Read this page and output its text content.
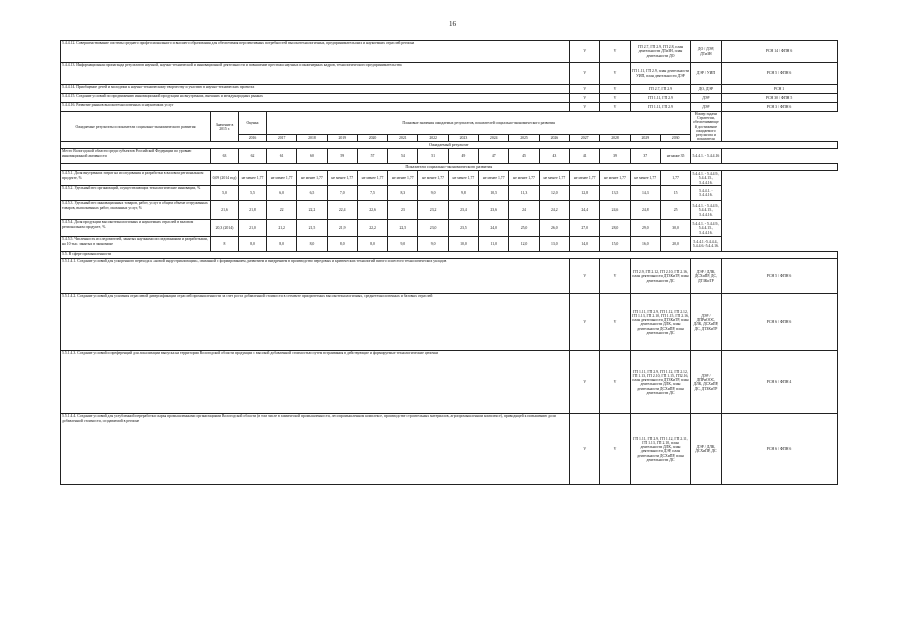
16
5.4.4.12. Совершенствование системы среднего профессионального и высшего образования для обеспечения перспективных потребностей высокотехнологичных, предпринимательских и наукоемких отраслей региона													V	V	ГП 2.7, ГП 2.9, ГП 2.8, план деятельности ДТиЗН, план деятельности ДО		ДО / ДЭР, ДТиЗН	РСН 14 / ФПН 6
5.4.4.13. Информационная пропаганда результатов научной, научно-технической и инновационной деятельности и повышение престижа научных и инженерных кадров, технологического предпринимательства													V	V	ГП 1.11, ГП 2.9, план деятельности УИП, план деятельности ДЭР		ДЭР / УИП	РСН 5 / ФПН 6
5.4.4.14. Приобщение детей и молодежи к научно-техническому творчеству и участию в научно-технических проектах													V	V	ГП 2.7, ГП 2.9		ДО, ДЭР	РСН 1
5.4.4.15. Создание условий по продвижению инновационной продукции на внутренних, внешних и международных рынках													V	V	ГП 1.11, ГП 2.9		ДЭР	РСН 30 / ФПН 5
5.4.4.16. Развитие рынков высокотехнологичных и наукоемких услуг													V	V	ГП 1.11, ГП 2.9		ДЭР	РСН 3 / ФПН 6
Ожидаемые результаты и показатели социально-экономического развития	Значение в 2015 г.	Оценка	Плановые значения ожидаемых результатов, показателей социально-экономического развития														Номер задачи Стратегии, обеспечивающей достижение ожидаемого результата и показателя	
		2016	2017	2018	2019	2020	2021	2022	2023	2024	2025	2026	2027	2028	2029	2030		
Ожидаемый результат																		
Место Вологодской области среди субъектов Российской Федерации по уровню инновационной активности	63	62	61	60	59	57	54	51	49	47	45	43	41	39	37	не ниже 35	5.4.4.1. - 5.4.4.16	
Показатели социально-экономического развития																		
5.4.5.1. Доля внутренних затрат на исследования и разработки в валовом региональном продукте, %	0,09 (2014 год)	не менее 1,77	не менее 1,77	не менее 1,77	не менее 1,77	не менее 1,77	не менее 1,77	не менее 1,77	не менее 1,77	не менее 1,77	не менее 1,77	не менее 1,77	не менее 1,77	не менее 1,77	не менее 1,77	1,77	5.4.4.1. - 5.4.4.9., 5.4.4.15., 5.4.4.16.	
5.4.5.2. Удельный вес организаций, осуществляющих технологические инновации, %	5,0	5,5	6,0	6,5	7,0	7,5	8,3	9,0	9,8	10,5	11,3	12,0	12,8	13,5	14,3	15	5.4.4.1. - 5.4.4.16.	
5.4.5.3. Удельный вес инновационных товаров, работ, услуг в общем объеме отгруженных товаров, выполненных работ, оказанных услуг, %	21,6	21,8	22	22,2	22,4	22,6	23	23,2	23,4	23,6	24	24,2	24,4	24,6	24,8	25	5.4.4.1. - 5.4.4.9., 5.4.4.15., 5.4.4.16.	
5.4.5.4. Доля продукции высокотехнологичных и наукоемких отраслей в валовом региональном продукте, %	20,3 (2014)	21,0	21,2	21,5	21,9	22,2	22,5	23,0	23,5	24,0	25,0	26,0	27,0	28,0	29,0	30,0	5.4.4.1. - 5.4.4.9., 5.4.4.15., 5.4.4.16.	
5.4.5.5. Численность исследователей, занятых научными исследованиями и разработками, на 10 тыс. занятых в экономике	8	8,0	8,0	8,0	8,0	8,0	9,0	9,0	10,0	11,0	12,0	13,0	14,0	15,0	16,0	20,0	5.4.4.1.-5.4.4.4., 5.4.4.6.-5.4.4.16.	
5.5. В сфере промышленности																		
5.5.1.4.1. Создание условий для ускоренного перехода к «новой индустриализации», связанной с формированием, развитием и внедрением в производство передовых и критических технологий пятого и шестого технологических укладов													V	V	ГП 2.9, ГП 2.12, ГП 2.10, ГП 2.16, план деятельности ДТЗКиТР, план деятельности ДС		ДЭР / ДЛК, ДСХиПР, ДС, ДТЗКиТР	РСН 5 / ФПН 6
5.5.1.4.2. Создание условий для усиления отраслевой диверсификации отраслей промышленности за счет роста добавленной стоимости в сегменте приоритетных высокотехнологичных, среднетехнологичных и базовых отраслей													V	V	ГП 1.11, ГП 2.9, ГП 1.12, ГП 2.12, ГП 1.13, ГП 2.10, ГП 1.15, ГП 2.16, план деятельности ДТЗКиТР, план деятельности ДЛК, план деятельности ДСХиПР, план деятельности ДС		ДЭР / ДПРиООС, ДЛК, ДСХиПР, ДС, ДТЗКиТР	РСН 6 / ФПН 6
5.5.1.4.3. Создание условий и преференций для локализации выпуска на территории Вологодской области продукции с высокой добавленной стоимостью путем встраивания в действующие и формируемые технологические цепочки													V	V	ГП 1.11, ГП 2.9, ГП 1.12, ГП 2.12, ГП 1.13, ГП 2.10, ГП 1.15, ГП2.16, план деятельности ДТЗКиТР, план деятельности ДЛК, план деятельности ДСХиПР, план деятельности ДС		ДЭР / ДПРиООС, ДЛК, ДСХиПР, ДС, ДТЗКиТР	РСН 6 / ФПН 4
5.5.1.4.4. Создание условий для углубленной переработки сырья промышленными организациями Вологодской области (в том числе в химической промышленности, лесопромышленном комплексе, производстве строительных материалов, агропромышленном комплексе), приводящей к повышению доли добавленной стоимости, создаваемой в регионе													V	V	ГП 1.11, ГП 2.9, ГП 1.12, ГП 2.11, ГП 1.13, ГП 2.10, план деятельности ДЛК, план деятельности ДЭР, план деятельности ДСХиПР, план деятельности ДС		ДЭР / ДЛК, ДСХиПР, ДС	РСН 6 / ФПН 6
